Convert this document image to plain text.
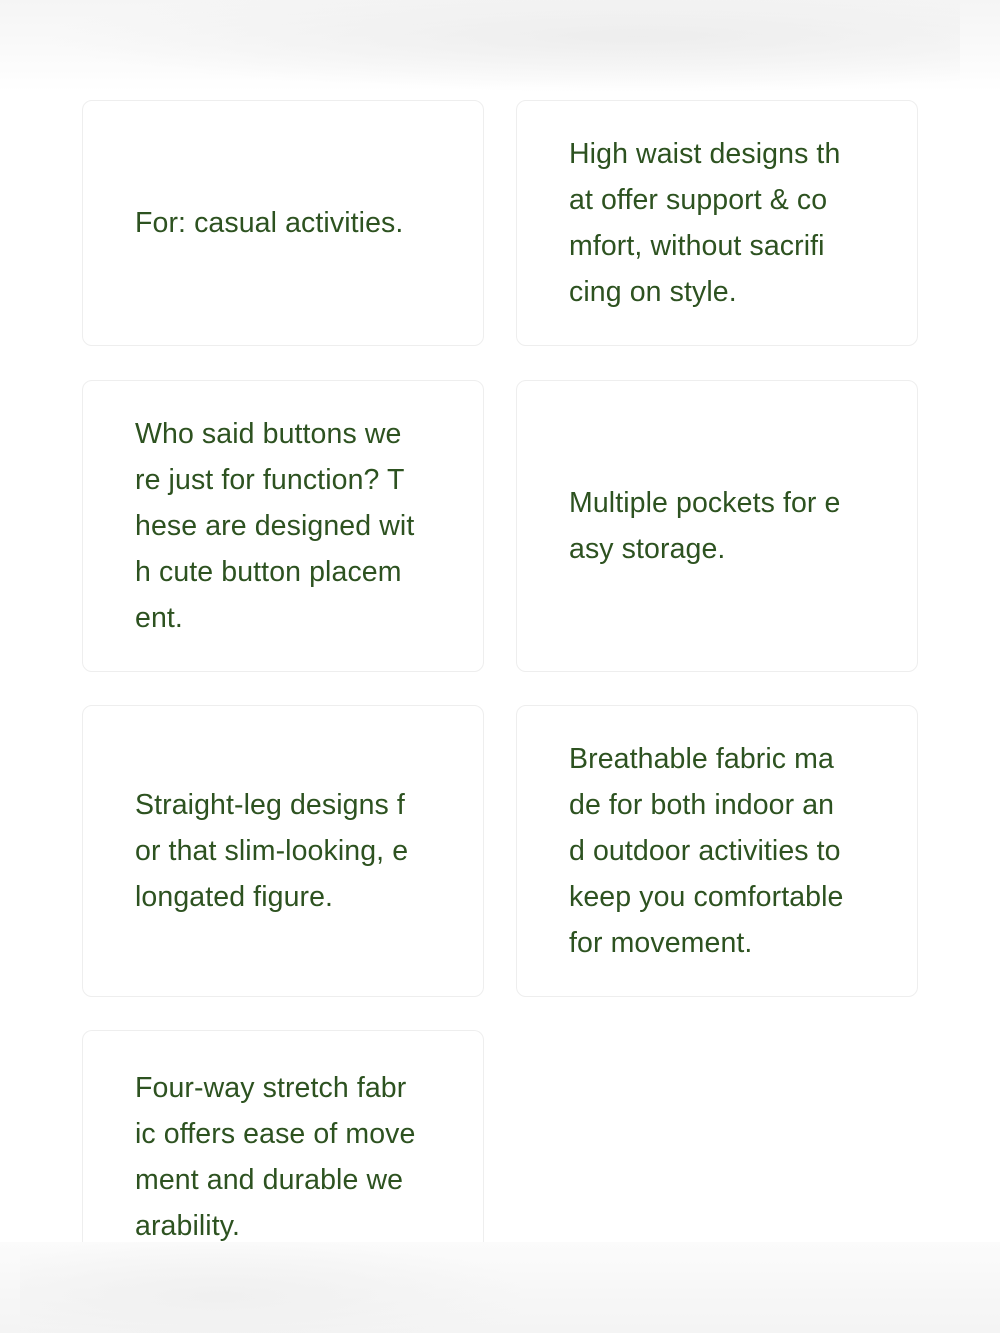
For: casual activities.
High waist designs th
at offer support & co
mfort, without sacrifi
cing on style.
Who said buttons we
re just for function? T
hese are designed wit
h cute button placem
ent.
Multiple pockets for e
asy storage.
Straight-leg designs f
or that slim-looking, e
longated figure.
Breathable fabric ma
de for both indoor an
d outdoor activities to
keep you comfortable
for movement.
Four-way stretch fabr
ic offers ease of move
ment and durable we
arability.
